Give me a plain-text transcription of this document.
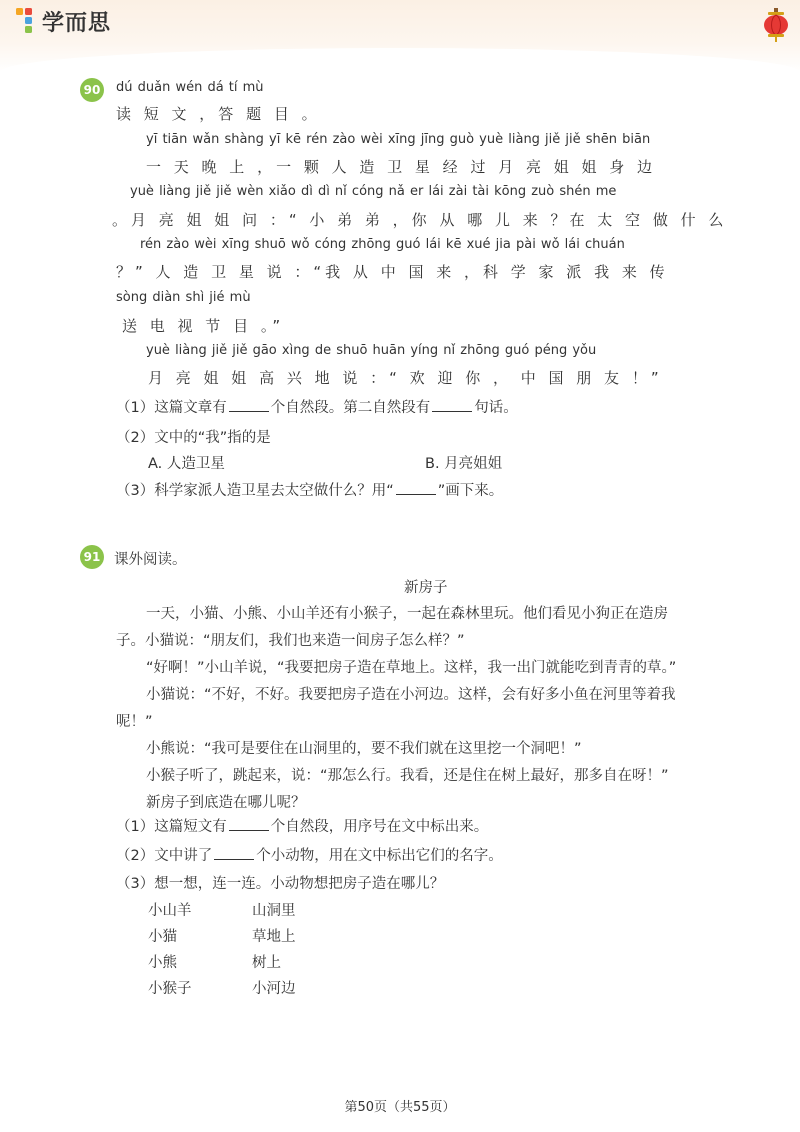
学而思
90 dú duǎn wén dá tí mù
读 短 文 ，答 题 目 。
yī tiān wǎn shàng yī kē rén zào wèi xīng jīng guò yuè liàng jiě jiě shēn biān
一 天 晚 上 ，一 颗 人 造 卫 星 经 过 月 亮 姐 姐 身 边
yuè liàng jiě jiě wèn xiǎo dì dì nǐ cóng nǎ er lái zài tài kōng zuò shén me
。月 亮 姐 姐 问 ：“ 小 弟 弟 ，你 从 哪 儿 来 ？在 太 空 做 什 么
rén zào wèi xīng shuō wǒ cóng zhōng guó lái kē xué jia pài wǒ lái chuán
？” 人 造 卫 星 说 ：“我 从 中 国 来 ，科 学 家 派 我 来 传
sòng diàn shì jié mù
送 电 视 节 目 。”
yuè liàng jiě jiě gāo xìng de shuō huān yíng nǐ zhōng guó péng yǒu
月 亮 姐 姐 高 兴 地 说 ：“ 欢 迎 你 ， 中 国 朋 友 ！”
（1）这篇文章有	个自然段。第二自然段有	句话。
（2）文中的“我”指的是
A. 人造卫星	B. 月亮姐姐
（3）科学家派人造卫星去太空做什么？用“	”画下来。
91 课外阅读。
新房子
一天，小猫、小熊、小山羊还有小猴子，一起在森林里玩。他们看见小狗正在造房
子。小猫说：“朋友们，我们也来造一间房子怎么样？”
“好啊！”小山羊说，“我要把房子造在草地上。这样，我一出门就能吃到青青的草。”
小猫说：“不好，不好。我要把房子造在小河边。这样，会有好多小鱼在河里等着我
呢！”
小熊说：“我可是要住在山洞里的，要不我们就在这里挖一个洞吧！”
小猴子听了，跳起来，说：“那怎么行。我看，还是住在树上最好，那多自在呀！”
新房子到底造在哪儿呢？
（1）这篇短文有	个自然段，用序号在文中标出来。
（2）文中讲了	个小动物，用在文中标出它们的名字。
（3）想一想，连一连。小动物想把房子造在哪儿？
小山羊	山洞里
小猫	草地上
小熊	树上
小猴子	小河边
第50页（共55页）
